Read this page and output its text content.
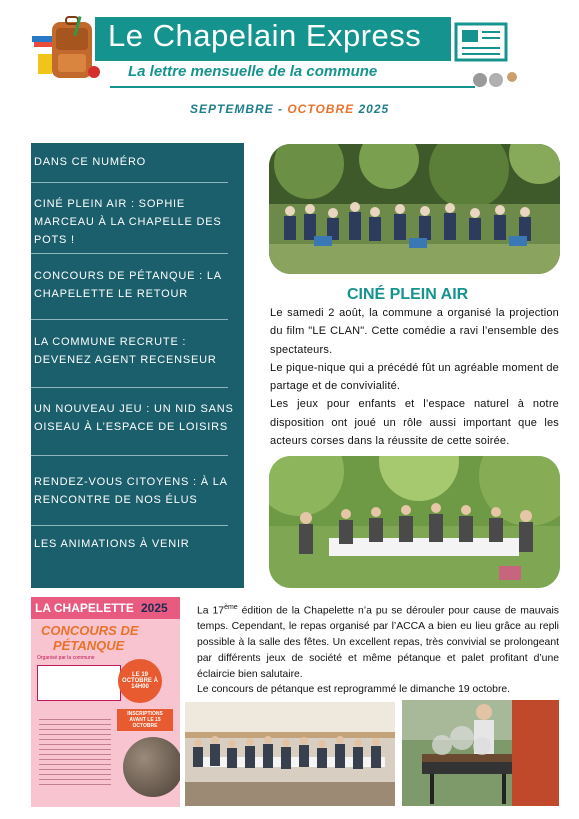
Le Chapelain Express
La lettre mensuelle de la commune
SEPTEMBRE - OCTOBRE 2025
DANS CE NUMÉRO
CINÉ PLEIN AIR : SOPHIE MARCEAU À LA CHAPELLE DES POTS !
CONCOURS DE PÉTANQUE : LA CHAPELETTE LE RETOUR
LA COMMUNE RECRUTE : DEVENEZ AGENT RECENSEUR
UN NOUVEAU JEU : UN NID SANS OISEAU À L’ESPACE DE LOISIRS
RENDEZ-VOUS CITOYENS : À LA RENCONTRE DE NOS ÉLUS
LES ANIMATIONS À VENIR
CINÉ PLEIN AIR

Le samedi 2 août, la commune a organisé la projection du film "LE CLAN". Cette comédie a ravi l’ensemble des spectateurs.

Le pique-nique qui a précédé fût un agréable moment de partage et de convivialité.

Les jeux pour enfants et l’espace naturel à notre disposition ont joué un rôle aussi important que les acteurs corses dans la réussite de cette soirée.

LA CHAPELETTE 2025
CONCOURS DE
PÉTANQUE
Organisé par la commune
LE 19 OCTOBRE À 14H00
INSCRIPTIONS AVANT LE 15 OCTOBRE

La 17ème édition de la Chapelette n’a pu se dérouler pour cause de mauvais temps. Cependant, le repas organisé par l’ACCA a bien eu lieu grâce au repli possible à la salle des fêtes. Un excellent repas, très convivial se prolongeant par différents jeux de société et même pétanque et palet profitant d’une éclaircie bien salutaire.

Le concours de pétanque est reprogrammé le dimanche 19 octobre.
